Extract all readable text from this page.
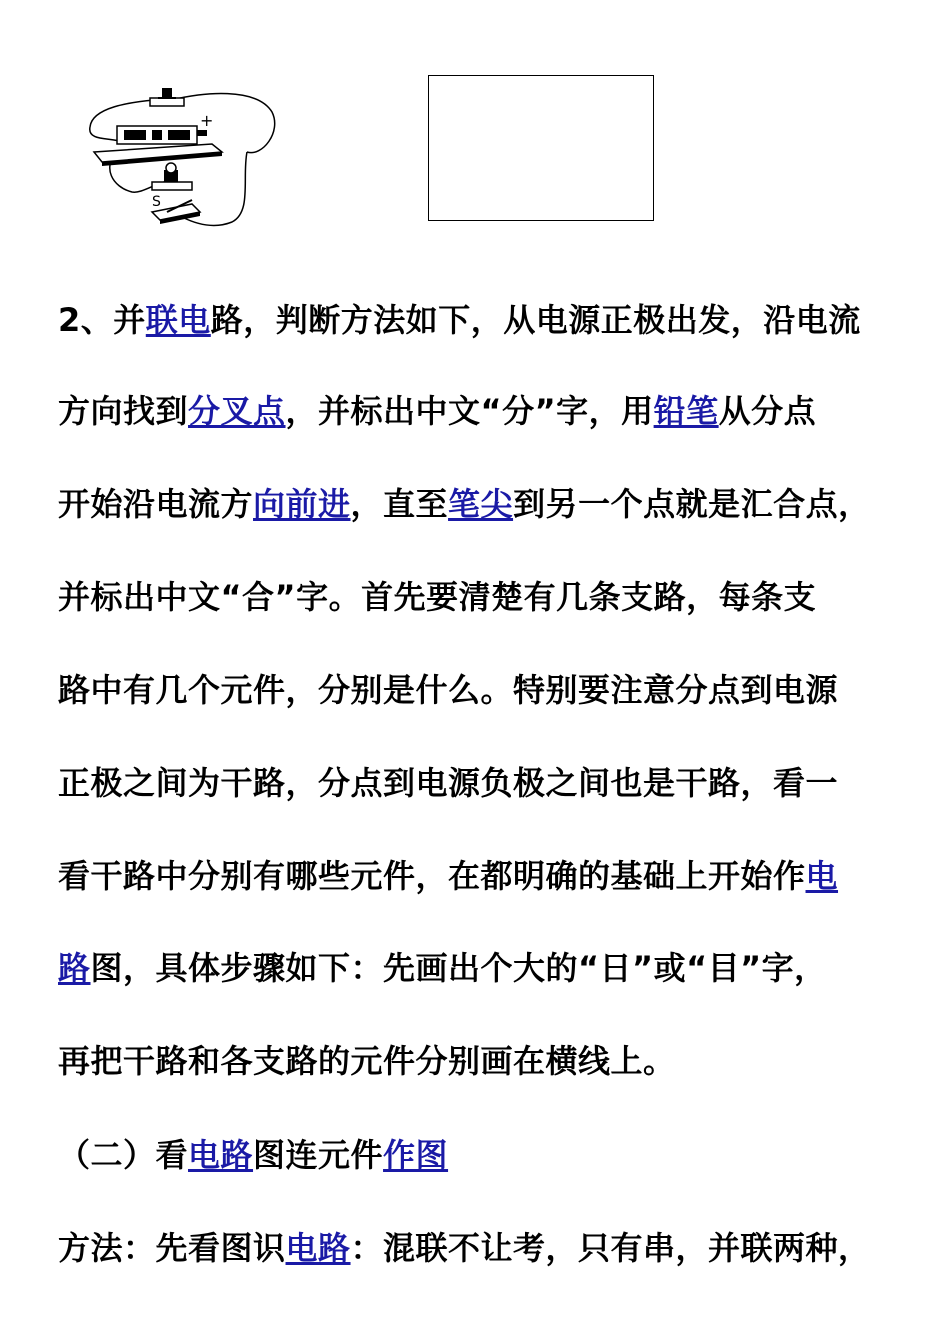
+
S
2、并联电路，判断方法如下，从电源正极出发，沿电流
方向找到分叉点，并标出中文“分”字，用铅笔从分点
开始沿电流方向前进，直至笔尖到另一个点就是汇合点，
并标出中文“合”字。首先要清楚有几条支路，每条支
路中有几个元件，分别是什么。特别要注意分点到电源
正极之间为干路，分点到电源负极之间也是干路，看一
看干路中分别有哪些元件，在都明确的基础上开始作电
路图，具体步骤如下：先画出个大的“日”或“目”字，
再把干路和各支路的元件分别画在横线上。
（二）看电路图连元件作图
方法：先看图识电路：混联不让考，只有串，并联两种，
